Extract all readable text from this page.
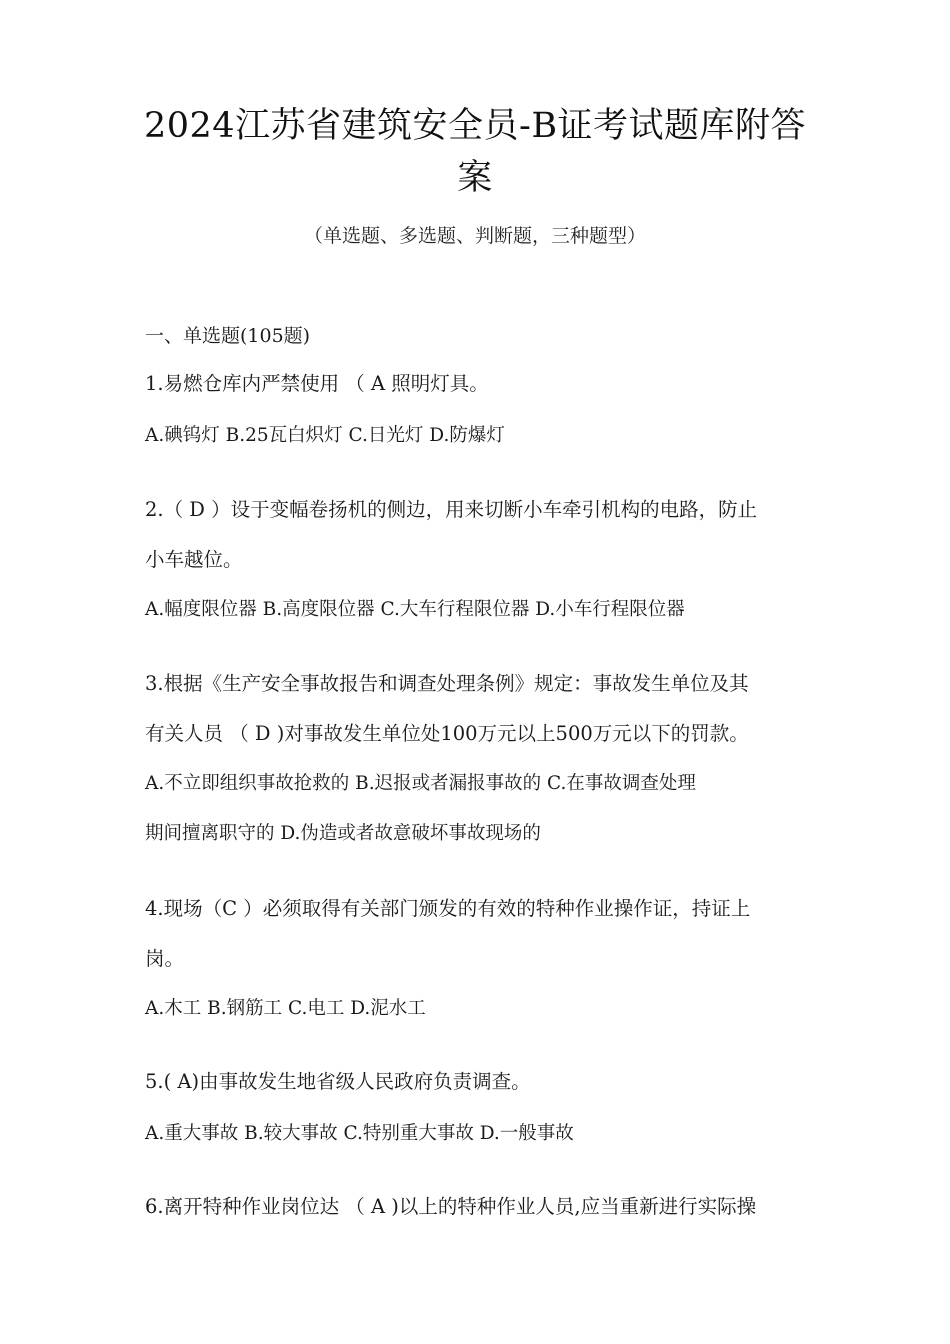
2024江苏省建筑安全员-B证考试题库附答
案
（单选题、多选题、判断题，三种题型）
一、单选题(105题)
1.易燃仓库内严禁使用 （ A 照明灯具。
A.碘钨灯 B.25瓦白炽灯 C.日光灯 D.防爆灯
2.（ D ）设于变幅卷扬机的侧边，用来切断小车牵引机构的电路，防止
小车越位。
A.幅度限位器 B.高度限位器 C.大车行程限位器 D.小车行程限位器
3.根据《生产安全事故报告和调查处理条例》规定：事故发生单位及其
有关人员 （ D )对事故发生单位处100万元以上500万元以下的罚款。
A.不立即组织事故抢救的 B.迟报或者漏报事故的 C.在事故调查处理
期间擅离职守的 D.伪造或者故意破坏事故现场的
4.现场（C ）必须取得有关部门颁发的有效的特种作业操作证，持证上
岗。
A.木工 B.钢筋工 C.电工 D.泥水工
5.( A)由事故发生地省级人民政府负责调查。
A.重大事故 B.较大事故 C.特别重大事故 D.一般事故
6.离开特种作业岗位达 （ A )以上的特种作业人员,应当重新进行实际操
